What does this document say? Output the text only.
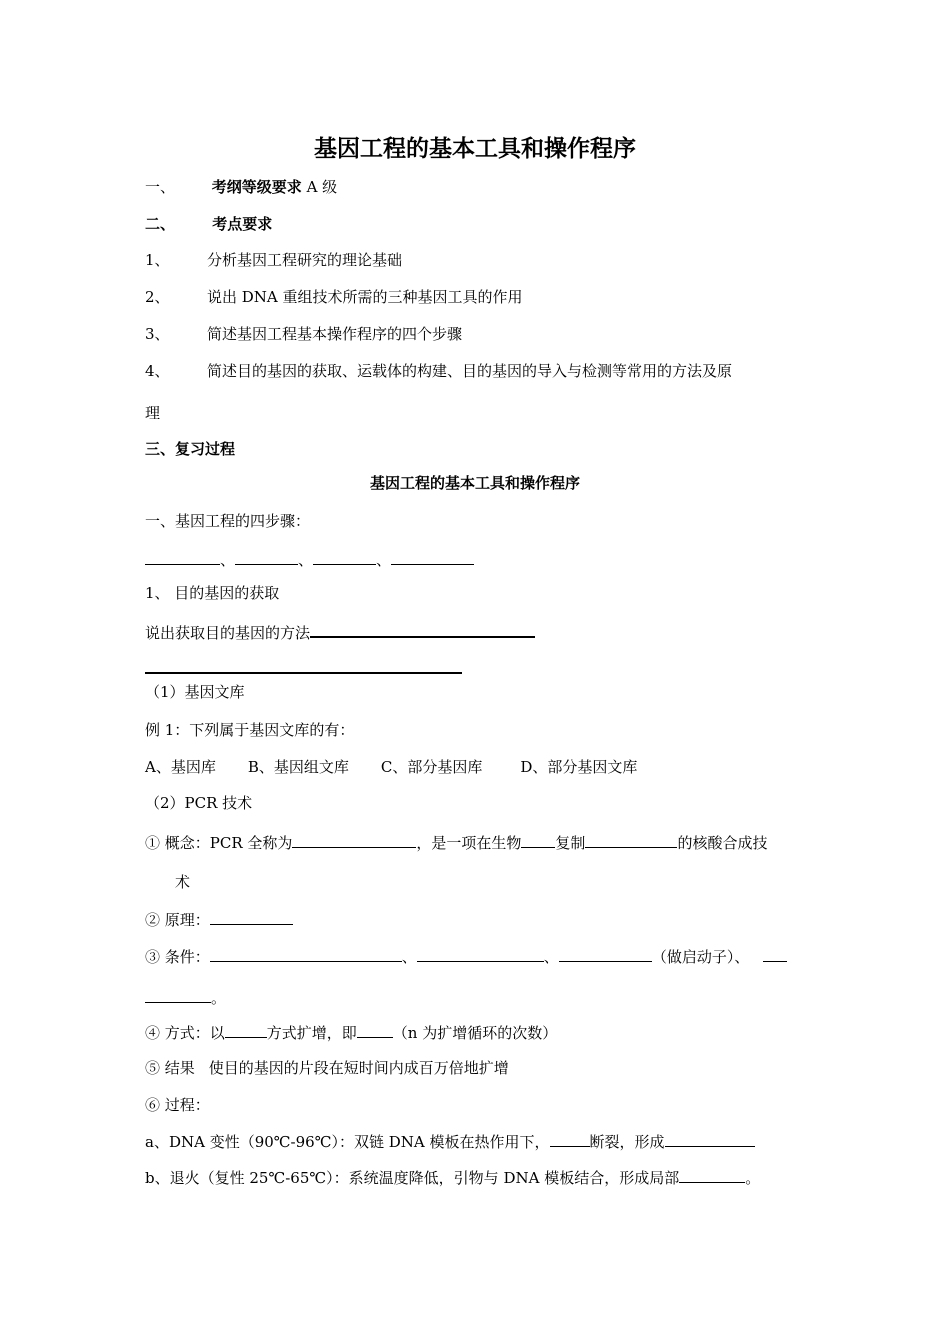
基因工程的基本工具和操作程序
一、 考纲等级要求 A 级
二、 考点要求
1、 分析基因工程研究的理论基础
2、 说出 DNA 重组技术所需的三种基因工具的作用
3、 简述基因工程基本操作程序的四个步骤
4、 简述目的基因的获取、运载体的构建、目的基因的导入与检测等常用的方法及原
理
三、复习过程
基因工程的基本工具和操作程序
一、基因工程的四步骤：
、	、	、
1、 目的基因的获取
说出获取目的基因的方法
（1）基因文库
例 1：下列属于基因文库的有：
A、基因库 B、基因组文库 C、部分基因库	D、部分基因文库
（2）PCR 技术
① 概念：PCR 全称为	，是一项在生物 复制	的核酸合成技
术
② 原理：
③ 条件：	、	、	（做启动子）、
。
④ 方式：以	方式扩增，即 （n 为扩增循环的次数）
⑤ 结果 使目的基因的片段在短时间内成百万倍地扩增
⑥ 过程：
a、DNA 变性（90℃-96℃）：双链 DNA 模板在热作用下，	断裂，形成
b、退火（复性 25℃-65℃）：系统温度降低，引物与 DNA 模板结合，形成局部	。
